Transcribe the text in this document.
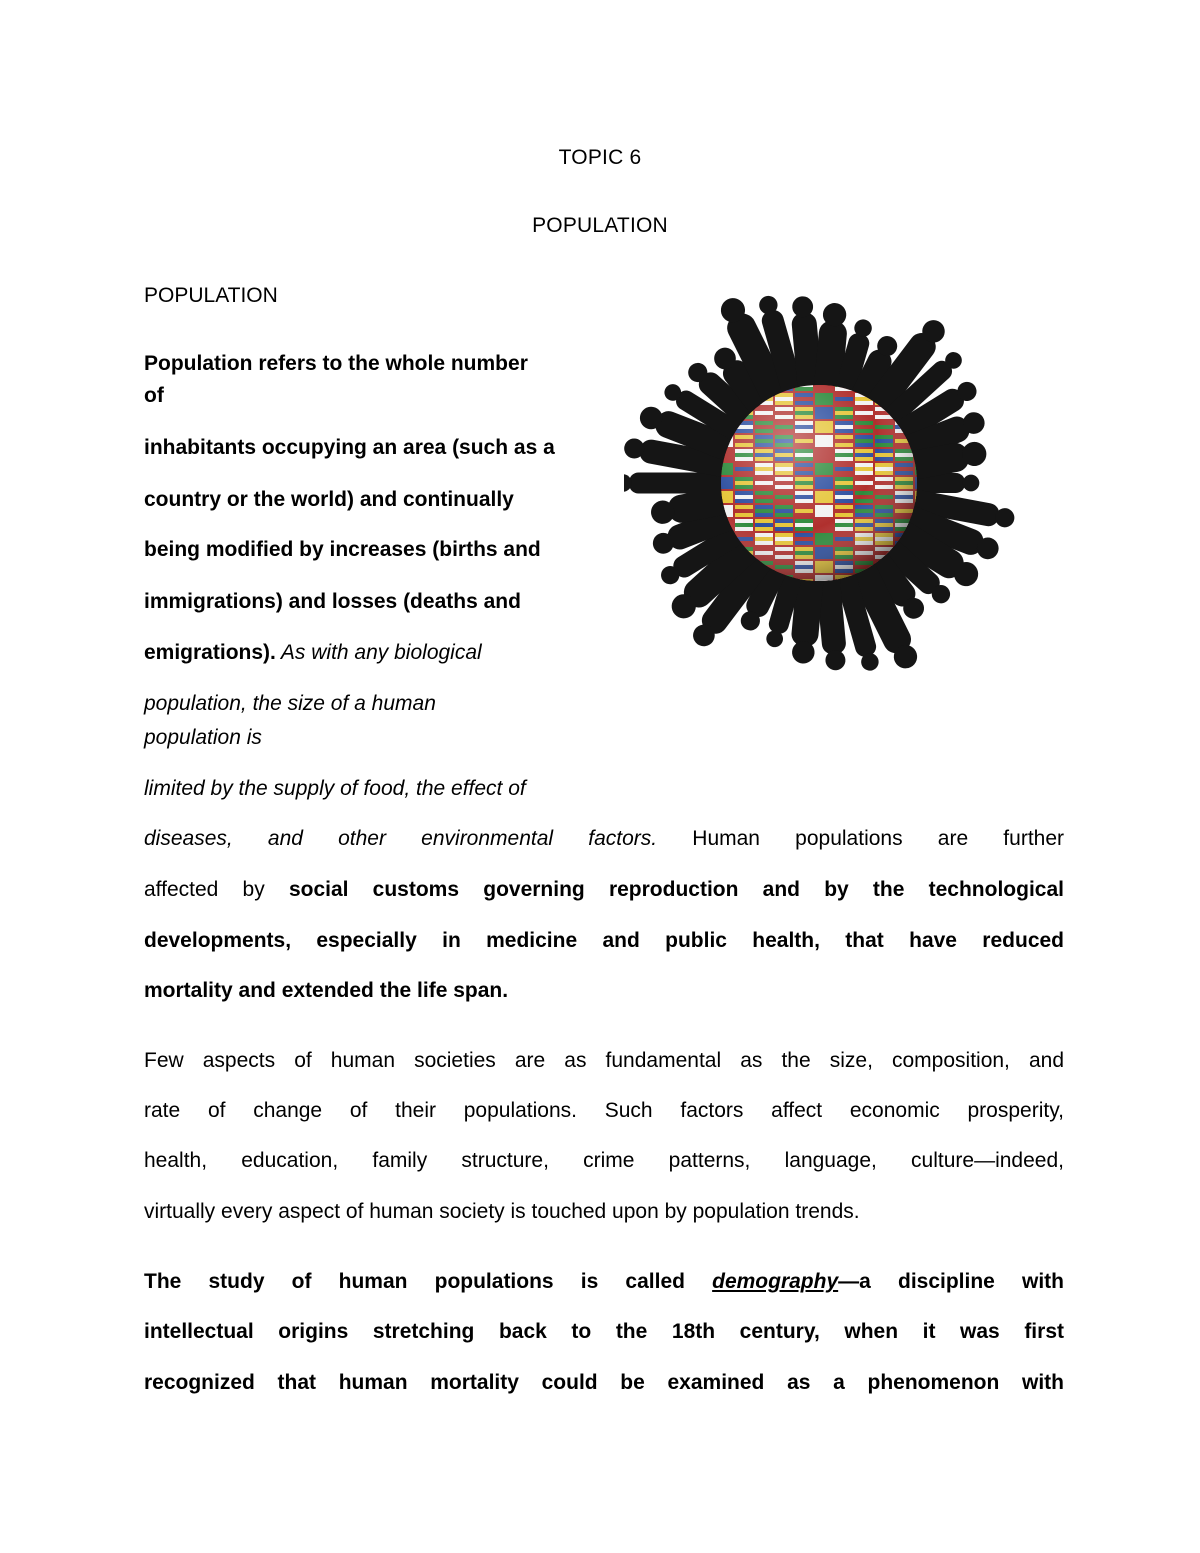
TOPIC 6
POPULATION
POPULATION
Population refers to the whole number
of
inhabitants occupying an area (such as a
country or the world) and continually
being modified by increases (births and
immigrations) and losses (deaths and
emigrations). As with any biological
population, the size of a human
population is
limited by the supply of food, the effect of
diseases, and other environmental factors. Human populations are further
affected by social customs governing reproduction and by the technological
developments, especially in medicine and public health, that have reduced
mortality and extended the life span.
Few aspects of human societies are as fundamental as the size, composition, and
rate of change of their populations. Such factors affect economic prosperity,
health, education, family structure, crime patterns, language, culture—indeed,
virtually every aspect of human society is touched upon by population trends.
The study of human populations is called demography—a discipline with
intellectual origins stretching back to the 18th century, when it was first
recognized that human mortality could be examined as a phenomenon with
